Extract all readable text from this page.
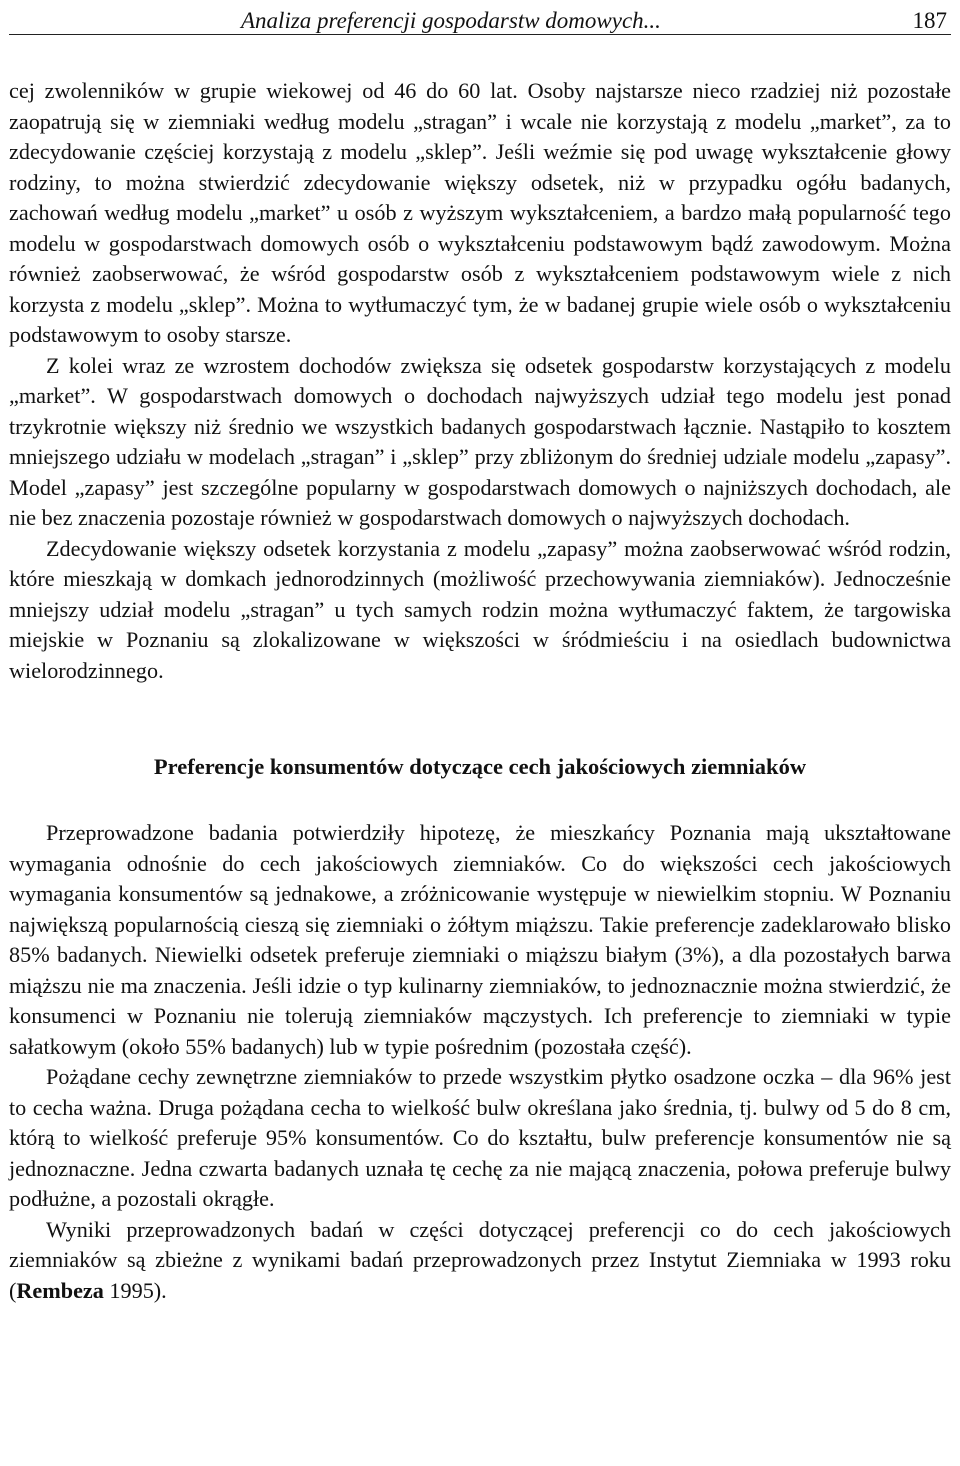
Analiza preferencji gospodarstw domowych...	187

cej zwolenników w grupie wiekowej od 46 do 60 lat. Osoby najstarsze nieco rzadziej niż pozostałe zaopatrują się w ziemniaki według modelu „stragan” i wcale nie korzystają z modelu „market”, za to zdecydowanie częściej korzystają z modelu „sklep”. Jeśli weźmie się pod uwagę wykształcenie głowy rodziny, to można stwierdzić zdecydowanie większy odsetek, niż w przypadku ogółu badanych, zachowań według modelu „market” u osób z wyższym wykształceniem, a bardzo małą popularność tego modelu w gospodarstwach domowych osób o wykształceniu podstawowym bądź zawodowym. Można również zaobserwować, że wśród gospodarstw osób z wykształceniem podstawowym wiele z nich korzysta z modelu „sklep”. Można to wytłumaczyć tym, że w badanej grupie wiele osób o wykształceniu podstawowym to osoby starsze.

Z kolei wraz ze wzrostem dochodów zwiększa się odsetek gospodarstw korzystających z modelu „market”. W gospodarstwach domowych o dochodach najwyższych udział tego modelu jest ponad trzykrotnie większy niż średnio we wszystkich badanych gospodarstwach łącznie. Nastąpiło to kosztem mniejszego udziału w modelach „stragan” i „sklep” przy zbliżonym do średniej udziale modelu „zapasy”. Model „zapasy” jest szczególne popularny w gospodarstwach domowych o najniższych dochodach, ale nie bez znaczenia pozostaje również w gospodarstwach domowych o najwyższych dochodach.

Zdecydowanie większy odsetek korzystania z modelu „zapasy” można zaobserwować wśród rodzin, które mieszkają w domkach jednorodzinnych (możliwość przechowywania ziemniaków). Jednocześnie mniejszy udział modelu „stragan” u tych samych rodzin można wytłumaczyć faktem, że targowiska miejskie w Poznaniu są zlokalizowane w większości w śródmieściu i na osiedlach budownictwa wielorodzinnego.

Preferencje konsumentów dotyczące cech jakościowych ziemniaków

Przeprowadzone badania potwierdziły hipotezę, że mieszkańcy Poznania mają ukształtowane wymagania odnośnie do cech jakościowych ziemniaków. Co do większości cech jakościowych wymagania konsumentów są jednakowe, a zróżnicowanie występuje w niewielkim stopniu. W Poznaniu największą popularnością cieszą się ziemniaki o żółtym miąższu. Takie preferencje zadeklarowało blisko 85% badanych. Niewielki odsetek preferuje ziemniaki o miąższu białym (3%), a dla pozostałych barwa miąższu nie ma znaczenia. Jeśli idzie o typ kulinarny ziemniaków, to jednoznacznie można stwierdzić, że konsumenci w Poznaniu nie tolerują ziemniaków mączystych. Ich preferencje to ziemniaki w typie sałatkowym (około 55% badanych) lub w typie pośrednim (pozostała część).

Pożądane cechy zewnętrzne ziemniaków to przede wszystkim płytko osadzone oczka – dla 96% jest to cecha ważna. Druga pożądana cecha to wielkość bulw określana jako średnia, tj. bulwy od 5 do 8 cm, którą to wielkość preferuje 95% konsumentów. Co do kształtu, bulw preferencje konsumentów nie są jednoznaczne. Jedna czwarta badanych uznała tę cechę za nie mającą znaczenia, połowa preferuje bulwy podłużne, a pozostali okrągłe.

Wyniki przeprowadzonych badań w części dotyczącej preferencji co do cech jakościowych ziemniaków są zbieżne z wynikami badań przeprowadzonych przez Instytut Ziemniaka w 1993 roku (Rembeza 1995).
